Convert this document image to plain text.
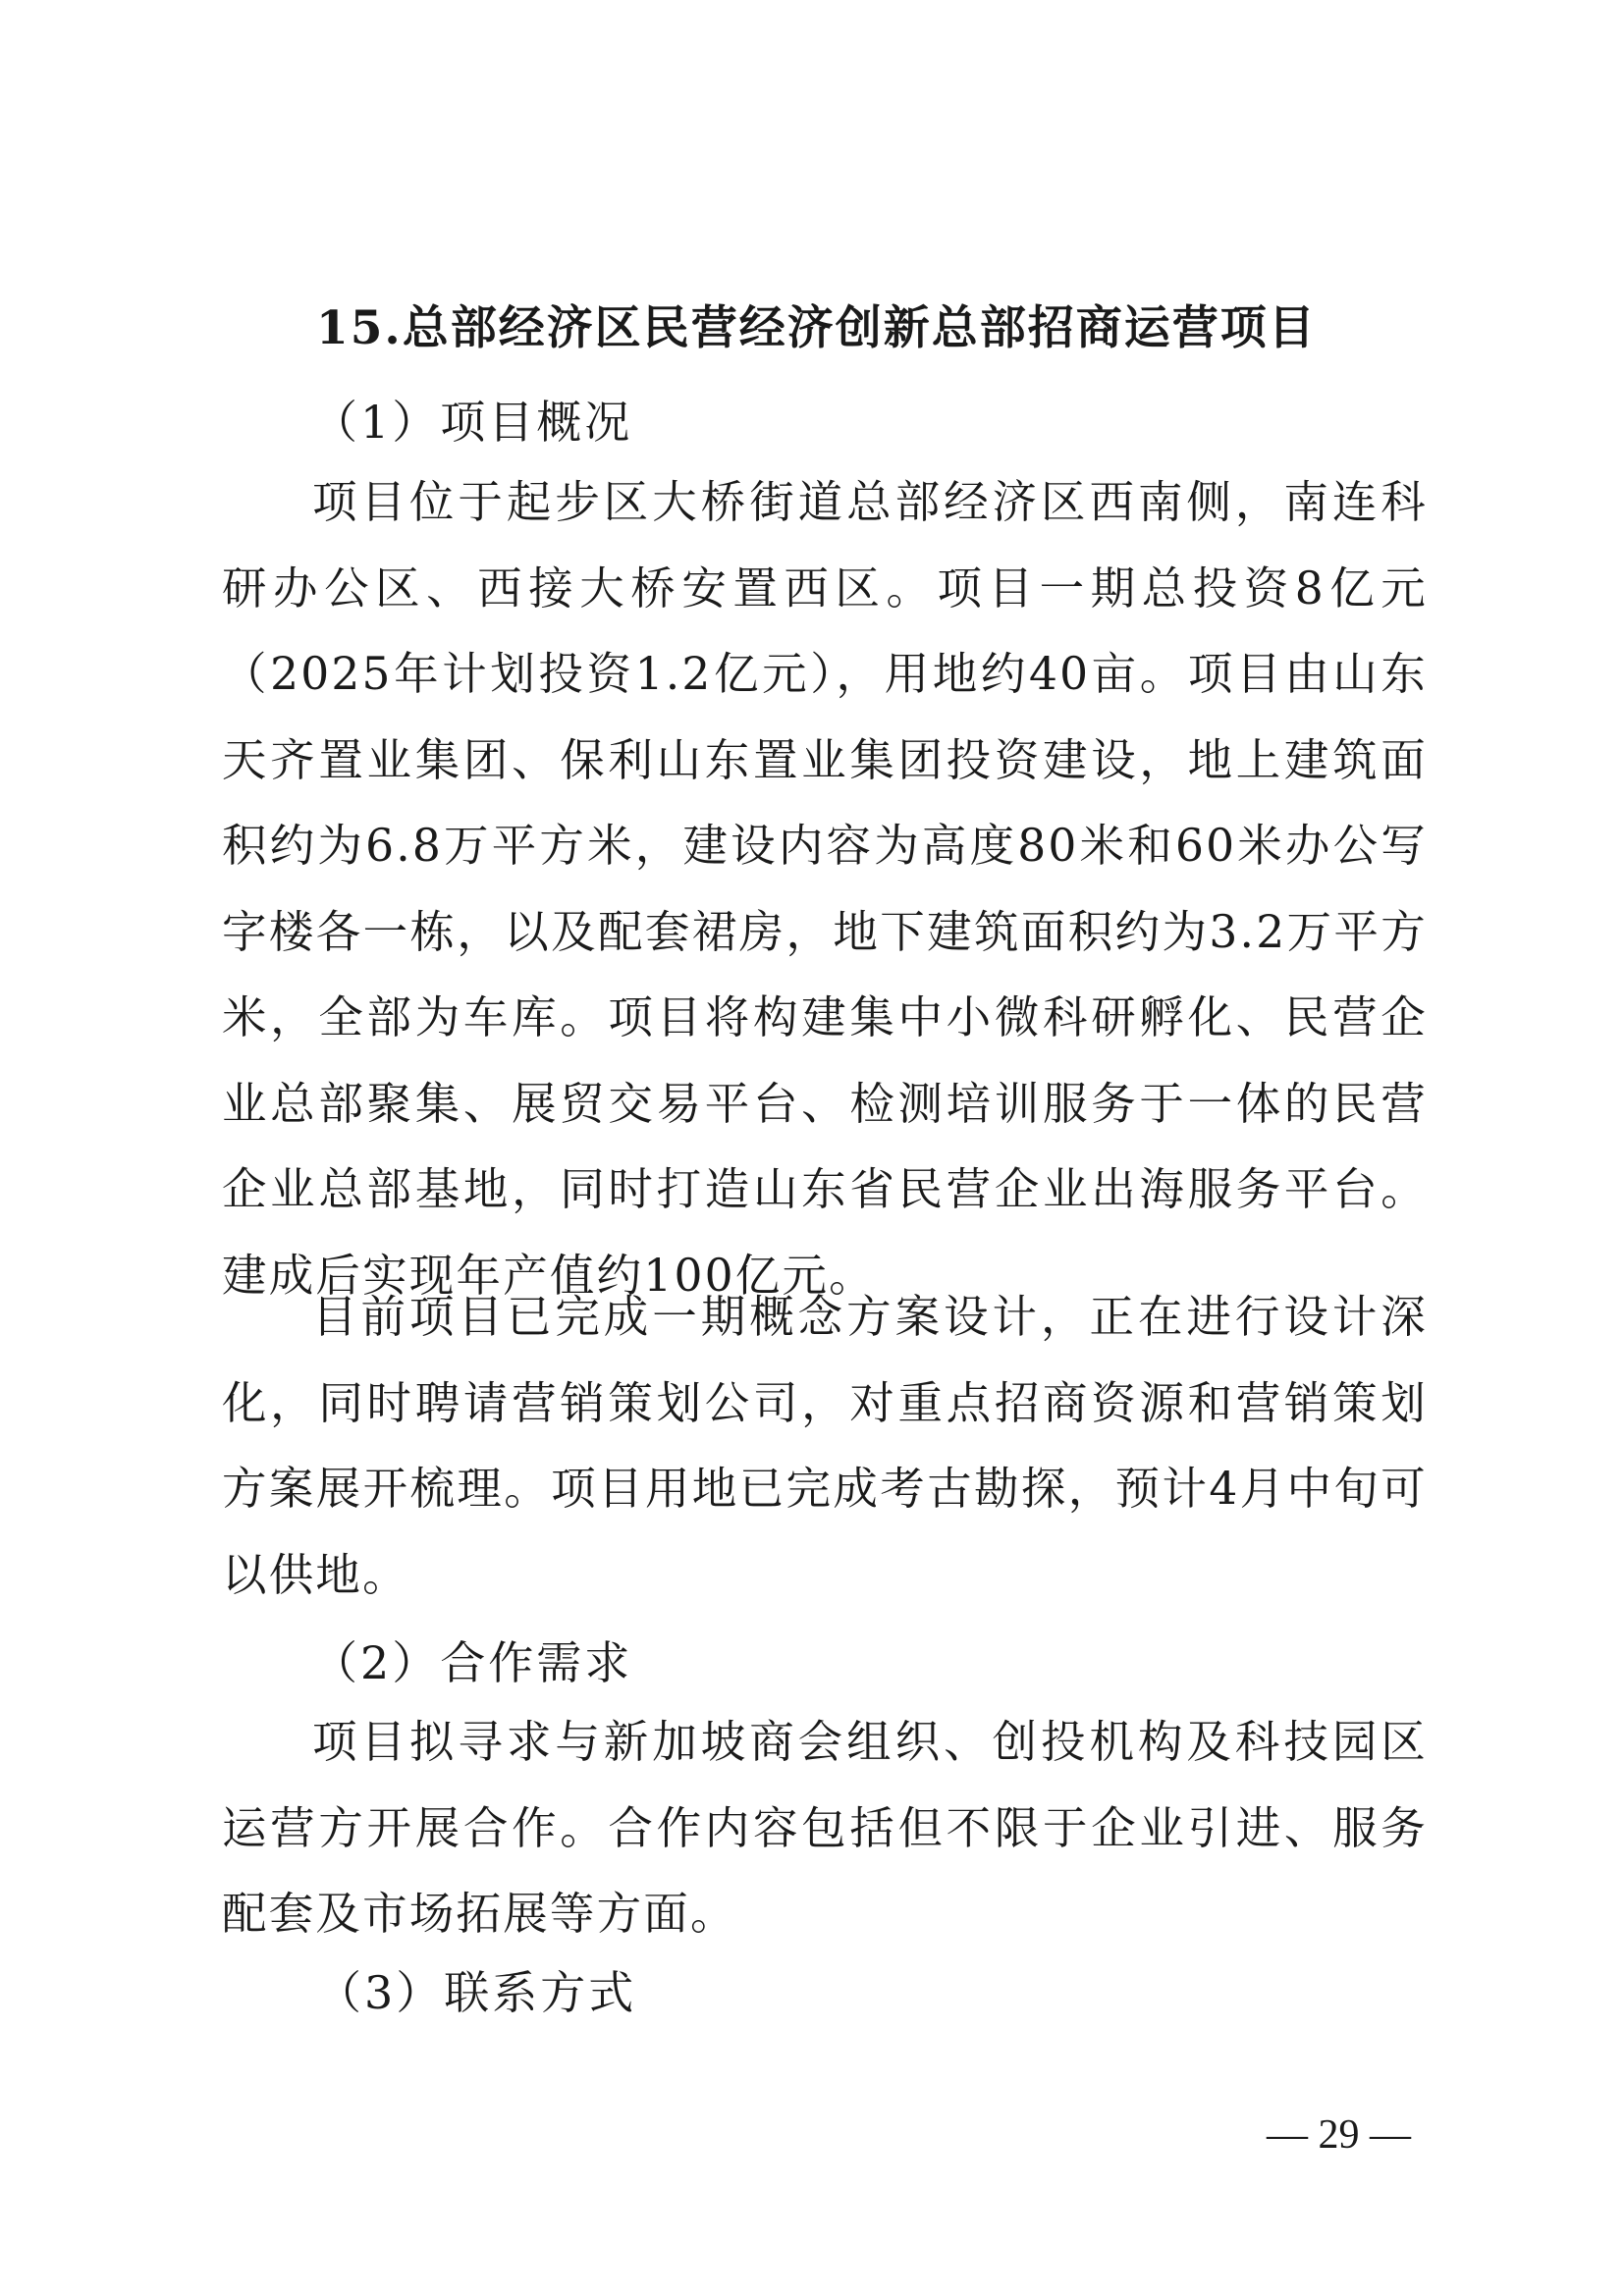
15.总部经济区民营经济创新总部招商运营项目
（1）项目概况

项目位于起步区大桥街道总部经济区西南侧，南连科研办公区、西接大桥安置西区。项目一期总投资8亿元（2025年计划投资1.2亿元），用地约40亩。项目由山东天齐置业集团、保利山东置业集团投资建设，地上建筑面积约为6.8万平方米，建设内容为高度80米和60米办公写字楼各一栋，以及配套裙房，地下建筑面积约为3.2万平方米，全部为车库。项目将构建集中小微科研孵化、民营企业总部聚集、展贸交易平台、检测培训服务于一体的民营企业总部基地，同时打造山东省民营企业出海服务平台。建成后实现年产值约100亿元。

目前项目已完成一期概念方案设计，正在进行设计深化，同时聘请营销策划公司，对重点招商资源和营销策划方案展开梳理。项目用地已完成考古勘探，预计4月中旬可以供地。

（2）合作需求

项目拟寻求与新加坡商会组织、创投机构及科技园区运营方开展合作。合作内容包括但不限于企业引进、服务配套及市场拓展等方面。

（3）联系方式
— 29 —
